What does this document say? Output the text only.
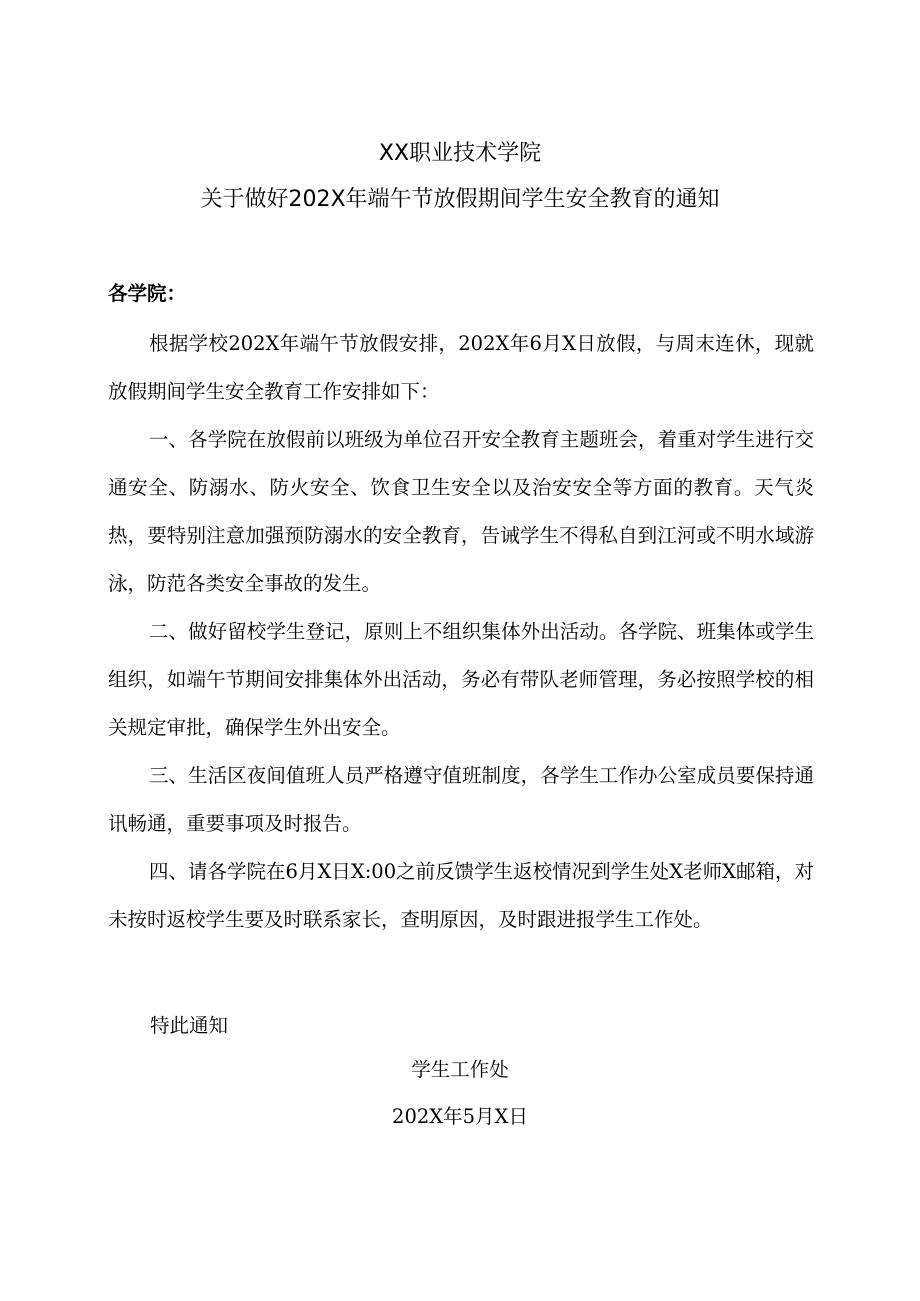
XX职业技术学院
关于做好202X年端午节放假期间学生安全教育的通知
各学院：

根据学校202X年端午节放假安排，202X年6月X日放假，与周末连休，现就放假期间学生安全教育工作安排如下：

一、各学院在放假前以班级为单位召开安全教育主题班会，着重对学生进行交通安全、防溺水、防火安全、饮食卫生安全以及治安安全等方面的教育。天气炎热，要特别注意加强预防溺水的安全教育，告诫学生不得私自到江河或不明水域游泳，防范各类安全事故的发生。

二、做好留校学生登记，原则上不组织集体外出活动。各学院、班集体或学生组织，如端午节期间安排集体外出活动，务必有带队老师管理，务必按照学校的相关规定审批，确保学生外出安全。

三、生活区夜间值班人员严格遵守值班制度，各学生工作办公室成员要保持通讯畅通，重要事项及时报告。

四、请各学院在6月X日X:00之前反馈学生返校情况到学生处X老师X邮箱，对未按时返校学生要及时联系家长，查明原因，及时跟进报学生工作处。

特此通知
学生工作处
202X年5月X日
